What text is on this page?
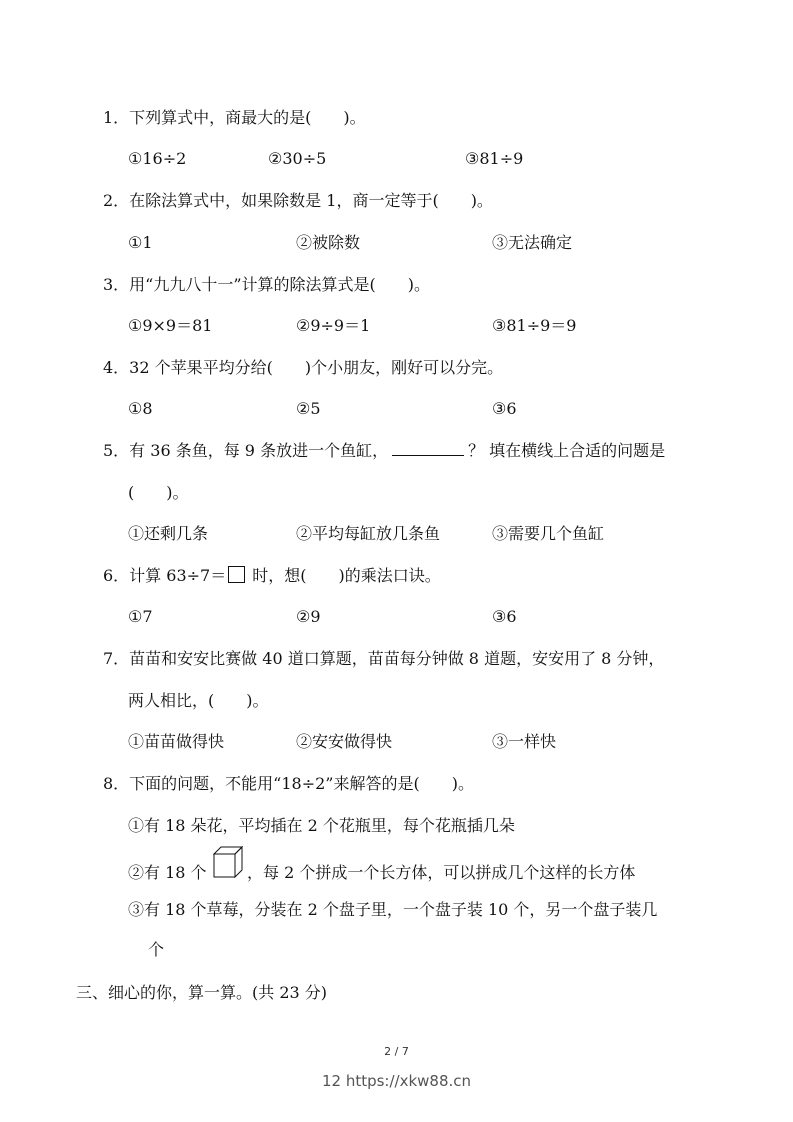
1．下列算式中，商最大的是(　　)。
①16÷2	②30÷5	③81÷9
2．在除法算式中，如果除数是 1，商一定等于(　　)。
①1	②被除数	③无法确定
3．用“九九八十一”计算的除法算式是(　　)。
①9×9＝81	②9÷9＝1	③81÷9＝9
4．32 个苹果平均分给(　　)个小朋友，刚好可以分完。
①8	②5	③6
5．有 36 条鱼，每 9 条放进一个鱼缸，	？ 填在横线上合适的问题是
(　　)。
①还剩几条	②平均每缸放几条鱼	③需要几个鱼缸
6．计算 63÷7＝ 时，想(　　)的乘法口诀。
①7	②9	③6
7．苗苗和安安比赛做 40 道口算题，苗苗每分钟做 8 道题，安安用了 8 分钟，
两人相比，(　　)。
①苗苗做得快	②安安做得快	③一样快
8．下面的问题，不能用“18÷2”来解答的是(　　)。
①有 18 朵花，平均插在 2 个花瓶里，每个花瓶插几朵
②有 18 个	，每 2 个拼成一个长方体，可以拼成几个这样的长方体
③有 18 个草莓，分装在 2 个盘子里，一个盘子装 10 个，另一个盘子装几
个
三、细心的你，算一算。(共 23 分)
2 / 7
12 https://xkw88.cn
